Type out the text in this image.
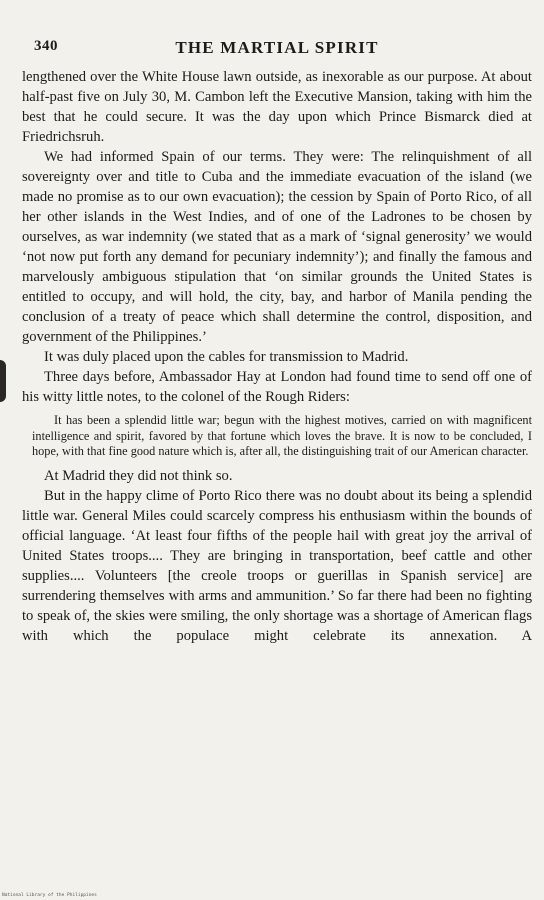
340	THE MARTIAL SPIRIT

lengthened over the White House lawn outside, as inexorable as our purpose. At about half-past five on July 30, M. Cambon left the Executive Mansion, taking with him the best that he could secure. It was the day upon which Prince Bismarck died at Friedrichsruh.

We had informed Spain of our terms. They were: The relinquishment of all sovereignty over and title to Cuba and the immediate evacuation of the island (we made no promise as to our own evacuation); the cession by Spain of Porto Rico, of all her other islands in the West Indies, and of one of the Ladrones to be chosen by ourselves, as war indemnity (we stated that as a mark of ‘signal generosity’ we would ‘not now put forth any demand for pecuniary indemnity’); and finally the famous and marvelously ambiguous stipulation that ‘on similar grounds the United States is entitled to occupy, and will hold, the city, bay, and harbor of Manila pending the conclusion of a treaty of peace which shall determine the control, disposition, and government of the Philippines.’

It was duly placed upon the cables for transmission to Madrid.

Three days before, Ambassador Hay at London had found time to send off one of his witty little notes, to the colonel of the Rough Riders:

It has been a splendid little war; begun with the highest motives, carried on with magnificent intelligence and spirit, favored by that fortune which loves the brave. It is now to be concluded, I hope, with that fine good nature which is, after all, the distinguishing trait of our American character.

At Madrid they did not think so.

But in the happy clime of Porto Rico there was no doubt about its being a splendid little war. General Miles could scarcely compress his enthusiasm within the bounds of official language. ‘At least four fifths of the people hail with great joy the arrival of United States troops.... They are bringing in transportation, beef cattle and other supplies.... Volunteers [the creole troops or guerillas in Spanish service] are surrendering themselves with arms and ammunition.’ So far there had been no fighting to speak of, the skies were smiling, the only shortage was a shortage of American flags with which the populace might celebrate its annexation. A

National Library of the Philippines
